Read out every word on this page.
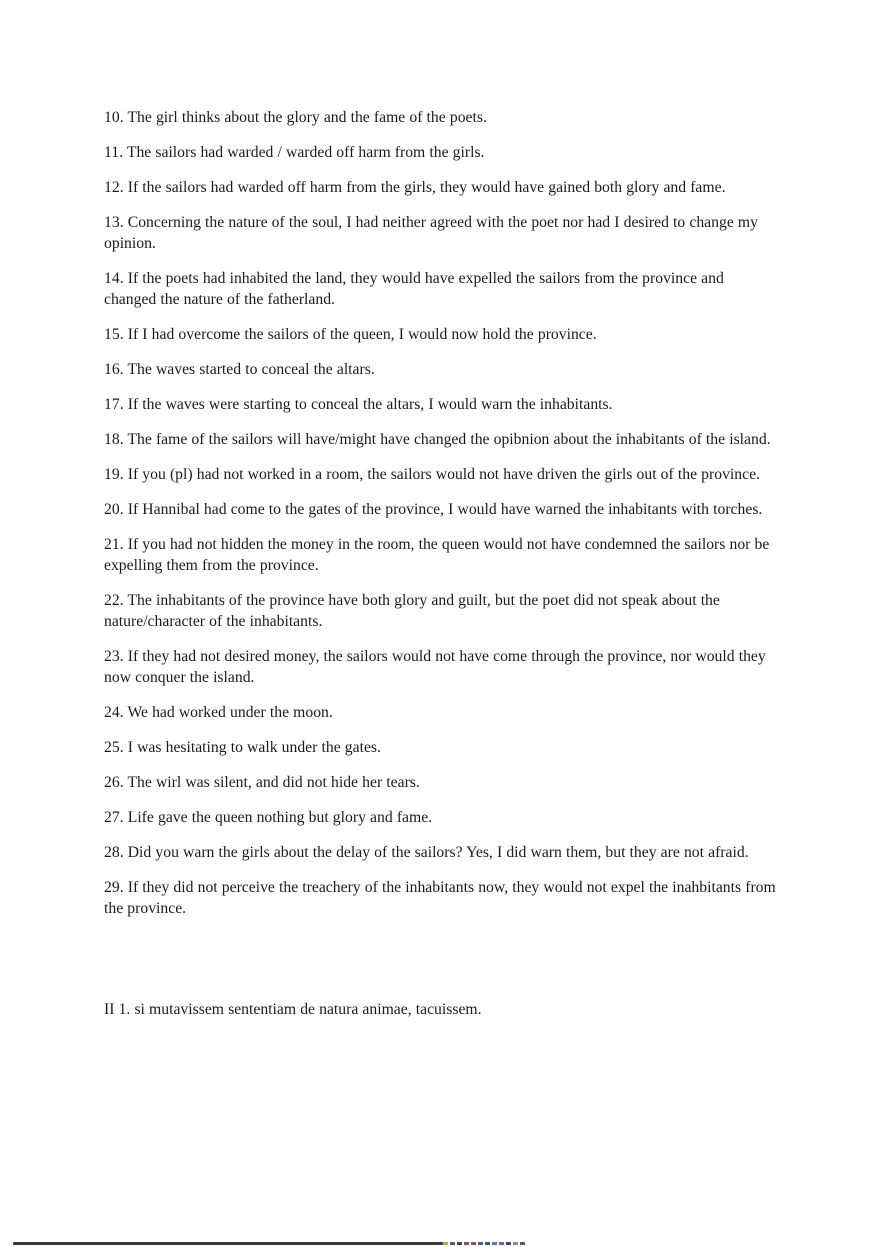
10. The girl thinks about the glory and the fame of the poets.

11. The sailors had warded / warded off harm from the girls.

12. If the sailors had warded off harm from the girls, they would have gained both glory and fame.

13. Concerning the nature of the soul, I had neither agreed with the poet nor had I desired to change my opinion.

14. If the poets had inhabited the land, they would have expelled the sailors from the province and changed the nature of the fatherland.

15. If I had overcome the sailors of the queen, I would now hold the province.

16. The waves started to conceal the altars.

17. If the waves were starting to conceal the altars, I would warn the inhabitants.

18. The fame of the sailors will have/might have changed the opibnion about the inhabitants of the island.

19. If you (pl) had not worked in a room, the sailors would not have driven the girls out of the province.

20. If Hannibal had come to the gates of the province, I would have warned the inhabitants with torches.

21. If you had not hidden the money in the room, the queen would not have condemned the sailors nor be expelling them from the province.

22. The inhabitants of the province have both glory and guilt, but the poet did not speak about the nature/character of the inhabitants.

23. If they had not desired money, the sailors would not have come through the province, nor would they now conquer the island.

24. We had worked under the moon.

25. I was hesitating to walk under the gates.

26. The wirl was silent, and did not hide her tears.

27. Life gave the queen nothing but glory and fame.

28. Did you warn the girls about the delay of the sailors? Yes, I did warn them, but they are not afraid.

29. If they did not perceive the treachery of the inhabitants now, they would not expel the inahbitants from the province.

II 1. si mutavissem sententiam de natura animae, tacuissem.
